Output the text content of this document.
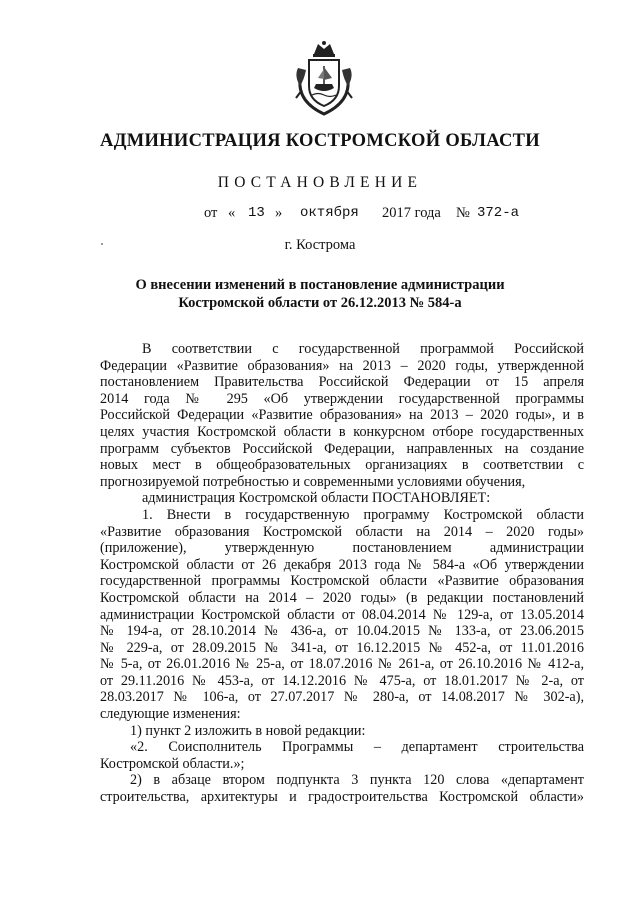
АДМИНИСТРАЦИЯ КОСТРОМСКОЙ ОБЛАСТИ
ПОСТАНОВЛЕНИЕ
от « 13 » октября 2017 года № 372-а
г. Кострома
О внесении изменений в постановление администрации
Костромской области от 26.12.2013 № 584-а

В соответствии с государственной программой Российской

Федерации «Развитие образования» на 2013 – 2020 годы, утвержденной

постановлением Правительства Российской Федерации от 15 апреля

2014 года № 295 «Об утверждении государственной программы

Российской Федерации «Развитие образования» на 2013 – 2020 годы», и в

целях участия Костромской области в конкурсном отборе государственных

программ субъектов Российской Федерации, направленных на создание

новых мест в общеобразовательных организациях в соответствии с

прогнозируемой потребностью и современными условиями обучения,

администрация Костромской области ПОСТАНОВЛЯЕТ:

1. Внести в государственную программу Костромской области

«Развитие образования Костромской области на 2014 – 2020 годы»

(приложение), утвержденную постановлением администрации

Костромской области от 26 декабря 2013 года № 584-а «Об утверждении

государственной программы Костромской области «Развитие образования

Костромской области на 2014 – 2020 годы» (в редакции постановлений

администрации Костромской области от 08.04.2014 № 129-а, от 13.05.2014

№ 194-а, от 28.10.2014 № 436-а, от 10.04.2015 № 133-а, от 23.06.2015

№ 229-а, от 28.09.2015 № 341-а, от 16.12.2015 № 452-а, от 11.01.2016

№ 5-а, от 26.01.2016 № 25-а, от 18.07.2016 № 261-а, от 26.10.2016 № 412-а,

от 29.11.2016 № 453-а, от 14.12.2016 № 475-а, от 18.01.2017 № 2-а, от

28.03.2017 № 106-а, от 27.07.2017 № 280-а, от 14.08.2017 № 302-а),

следующие изменения:

1) пункт 2 изложить в новой редакции:

«2. Соисполнитель Программы – департамент строительства

Костромской области.»;

2) в абзаце втором подпункта 3 пункта 120 слова «департамент

строительства, архитектуры и градостроительства Костромской области»
